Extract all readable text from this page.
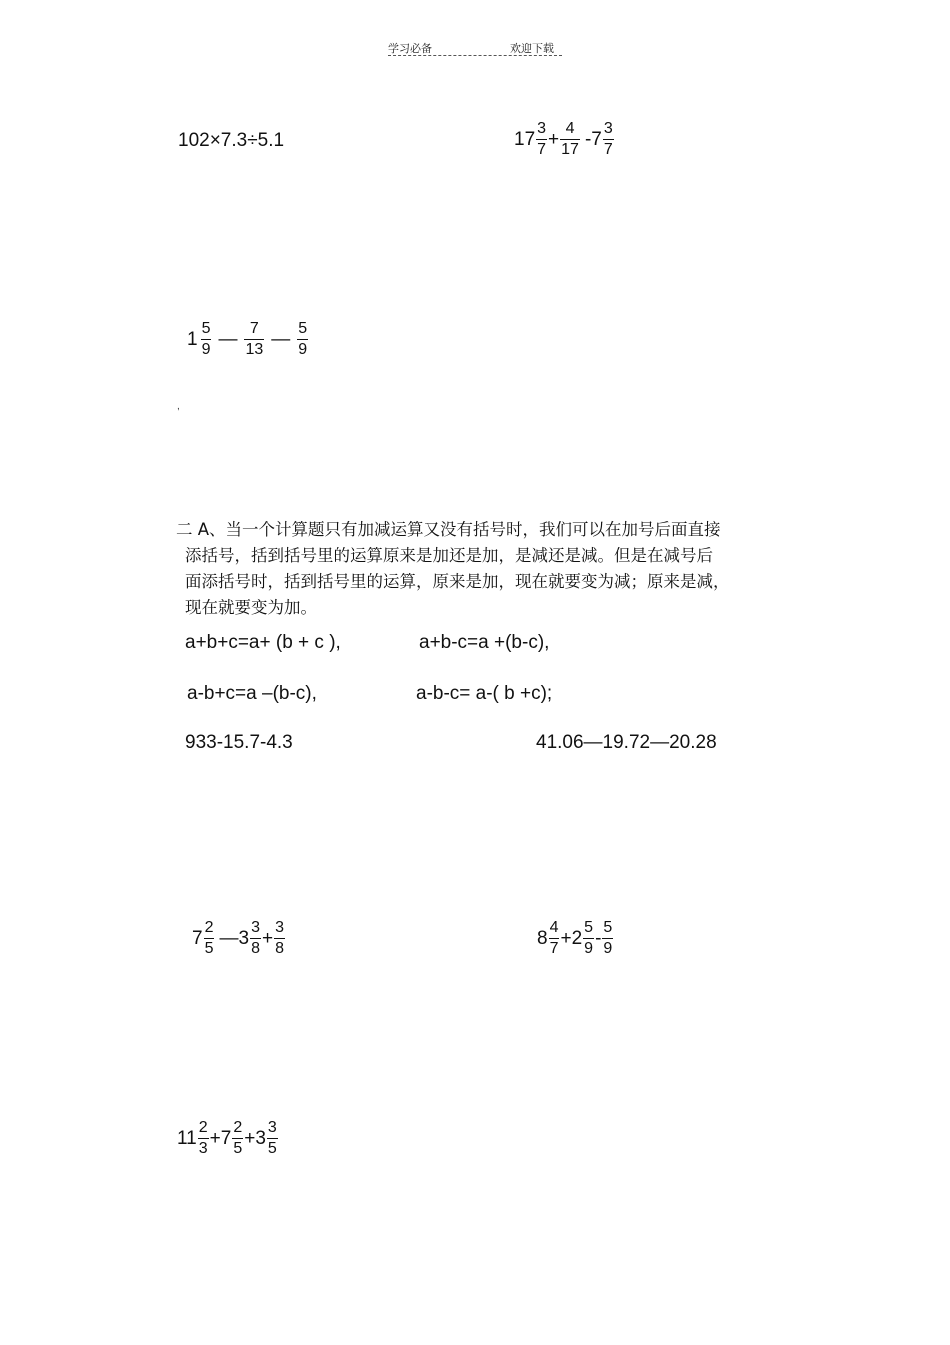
学习必备	欢迎下载
102×7.3÷5.1	$17 \frac{3}{7} + \frac{4}{17} -7 \frac{3}{7}$
$1 \frac{5}{9}$ — $\frac{7}{13}$ — $\frac{5}{9}$
,
二 A、当一个计算题只有加减运算又没有括号时，我们可以在加号后面直接
添括号，括到括号里的运算原来是加还是加，是减还是减。但是在减号后
面添括号时，括到括号里的运算，原来是加，现在就要变为减；原来是减，
现在就要变为加。
a+b+c=a+ (b + c ),	a+b-c=a +(b-c),
a-b+c=a –(b-c),	a-b-c= a-( b +c);
933-15.7-4.3	41.06—19.72—20.28
$7 \frac{2}{5}$ —3 $\frac{3}{8} + \frac{3}{8}$	$8 \frac{4}{7} +2 \frac{5}{9} - \frac{5}{9}$
$11 \frac{2}{3} +7 \frac{2}{5} +3 \frac{3}{5}$
